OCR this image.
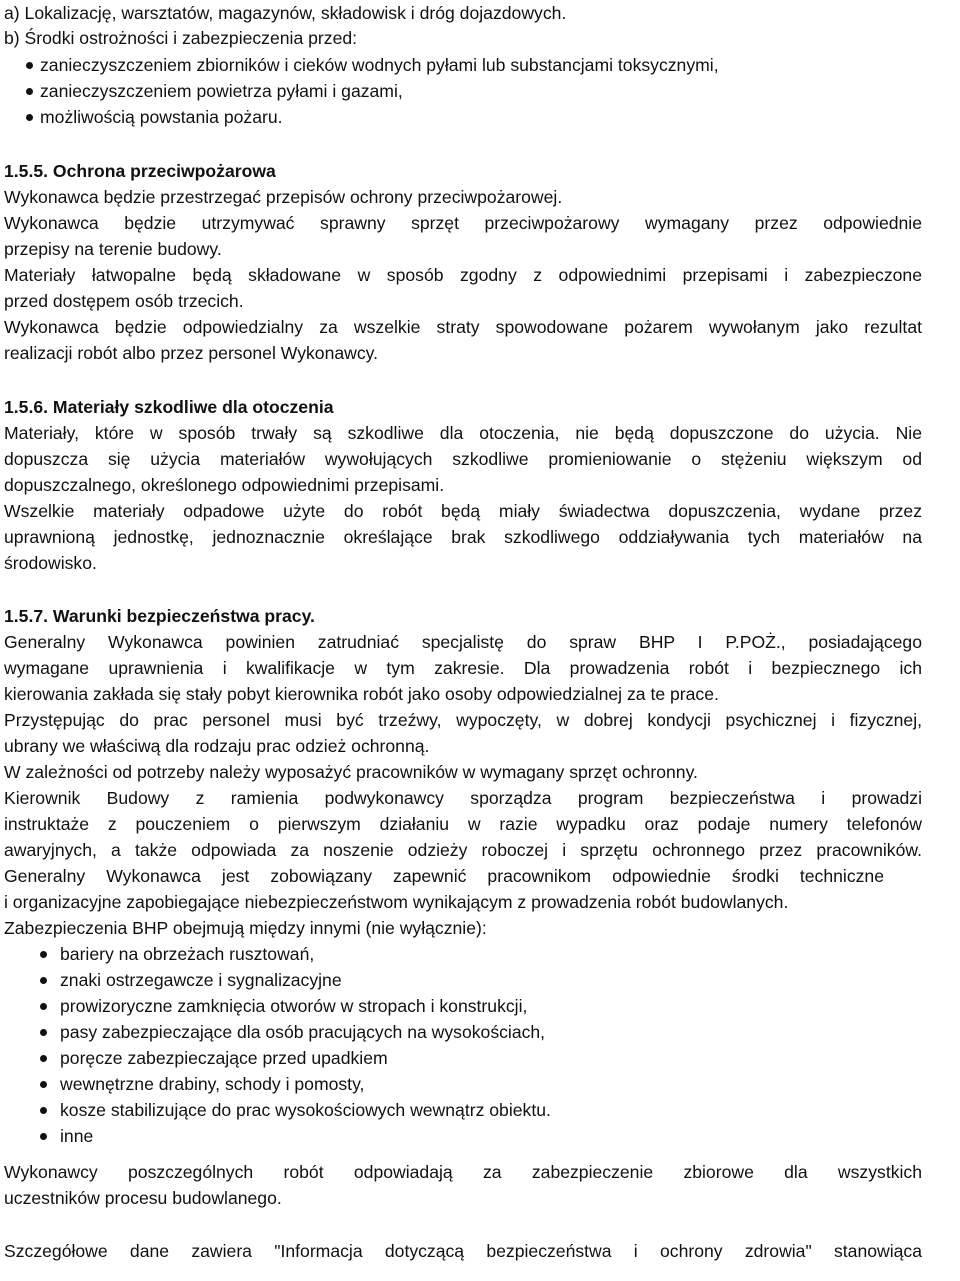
a) Lokalizację, warsztatów, magazynów, składowisk i dróg dojazdowych.
b) Środki ostrożności i zabezpieczenia przed:
zanieczyszczeniem zbiorników i cieków wodnych pyłami lub substancjami toksycznymi,
zanieczyszczeniem powietrza pyłami i gazami,
możliwością powstania pożaru.
1.5.5. Ochrona przeciwpożarowa
Wykonawca będzie przestrzegać przepisów ochrony przeciwpożarowej.
Wykonawca będzie utrzymywać sprawny sprzęt przeciwpożarowy wymagany przez odpowiednie
przepisy na terenie budowy.
Materiały łatwopalne będą składowane w sposób zgodny z odpowiednimi przepisami i zabezpieczone
przed dostępem osób trzecich.
Wykonawca będzie odpowiedzialny za wszelkie straty spowodowane pożarem wywołanym jako rezultat
realizacji robót albo przez personel Wykonawcy.
1.5.6. Materiały szkodliwe dla otoczenia
Materiały, które w sposób trwały są szkodliwe dla otoczenia, nie będą dopuszczone do użycia. Nie
dopuszcza się użycia materiałów wywołujących szkodliwe promieniowanie o stężeniu większym od
dopuszczalnego, określonego odpowiednimi przepisami.
Wszelkie materiały odpadowe użyte do robót będą miały świadectwa dopuszczenia, wydane przez
uprawnioną jednostkę, jednoznacznie określające brak szkodliwego oddziaływania tych materiałów na
środowisko.
1.5.7. Warunki bezpieczeństwa pracy.
Generalny Wykonawca powinien zatrudniać specjalistę do spraw BHP I P.POŻ., posiadającego
wymagane uprawnienia i kwalifikacje w tym zakresie. Dla prowadzenia robót i bezpiecznego ich
kierowania zakłada się stały pobyt kierownika robót jako osoby odpowiedzialnej za te prace.
Przystępując do prac personel musi być trzeźwy, wypoczęty, w dobrej kondycji psychicznej i fizycznej,
ubrany we właściwą dla rodzaju prac odzież ochronną.
W zależności od potrzeby należy wyposażyć pracowników w wymagany sprzęt ochronny.
Kierownik Budowy z ramienia podwykonawcy sporządza program bezpieczeństwa i prowadzi
instruktaże z pouczeniem o pierwszym działaniu w razie wypadku oraz podaje numery telefonów
awaryjnych, a także odpowiada za noszenie odzieży roboczej i sprzętu ochronnego przez pracowników.
Generalny Wykonawca jest zobowiązany zapewnić pracownikom odpowiednie środki techniczne
i organizacyjne zapobiegające niebezpieczeństwom wynikającym z prowadzenia robót budowlanych.
Zabezpieczenia BHP obejmują między innymi (nie wyłącznie):
bariery na obrzeżach rusztowań,
znaki ostrzegawcze i sygnalizacyjne
prowizoryczne zamknięcia otworów w stropach i konstrukcji,
pasy zabezpieczające dla osób pracujących na wysokościach,
poręcze zabezpieczające przed upadkiem
wewnętrzne drabiny, schody i pomosty,
kosze stabilizujące do prac wysokościowych wewnątrz obiektu.
inne
Wykonawcy poszczególnych robót odpowiadają za zabezpieczenie zbiorowe dla wszystkich
uczestników procesu budowlanego.
Szczegółowe dane zawiera "Informacja dotyczącą bezpieczeństwa i ochrony zdrowia" stanowiąca
